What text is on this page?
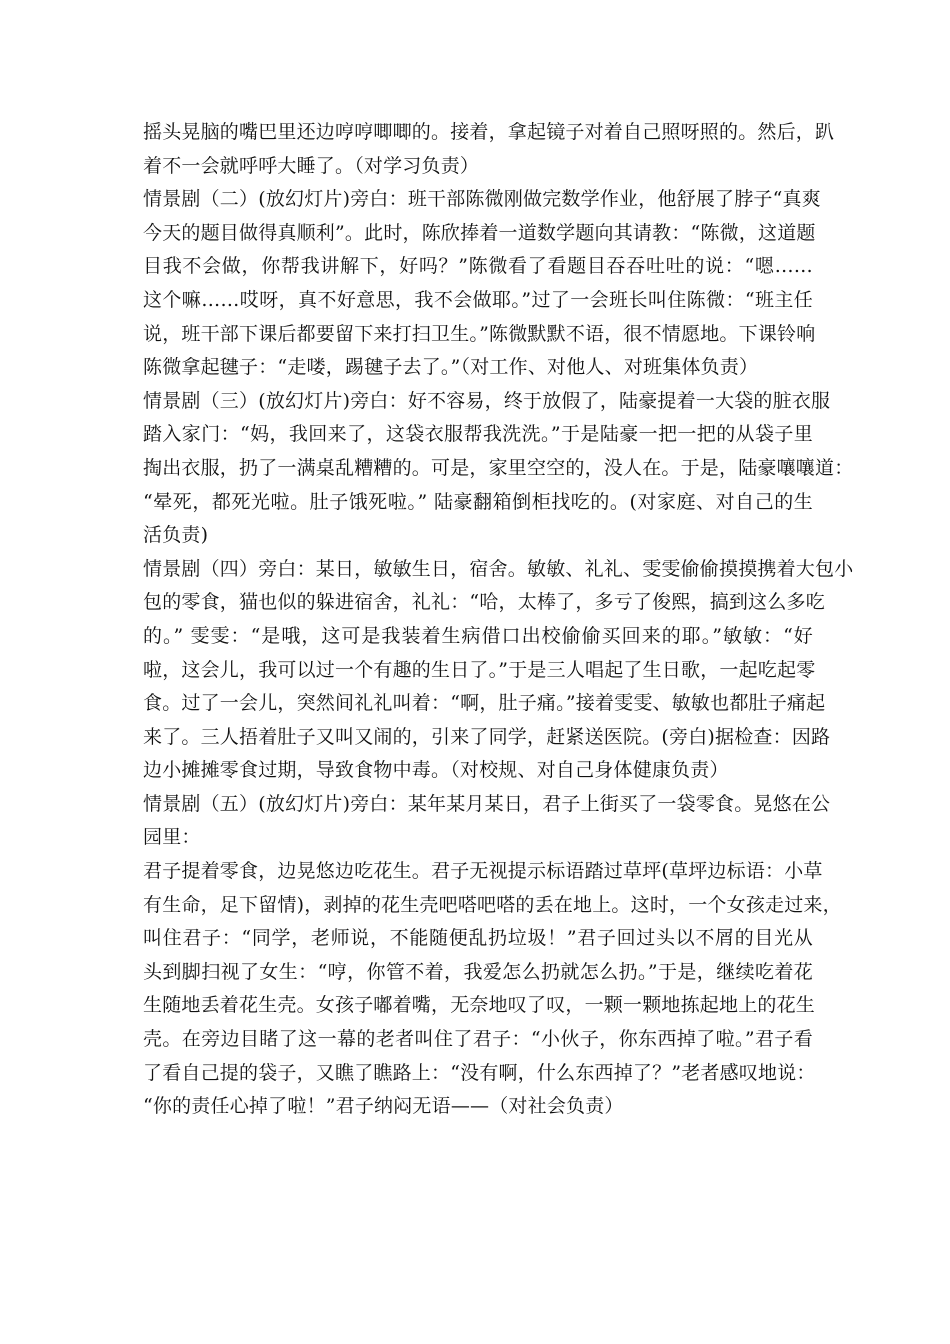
摇头晃脑的嘴巴里还边哼哼唧唧的。接着，拿起镜子对着自己照呀照的。然后，趴
着不一会就呼呼大睡了。（对学习负责）
情景剧（二）(放幻灯片)旁白：班干部陈微刚做完数学作业，他舒展了脖子“真爽
今天的题目做得真顺利”。此时，陈欣捧着一道数学题向其请教：“陈微，这道题
目我不会做，你帮我讲解下，好吗？”陈微看了看题目吞吞吐吐的说：“嗯……
这个嘛……哎呀，真不好意思，我不会做耶。”过了一会班长叫住陈微：“班主任
说，班干部下课后都要留下来打扫卫生。”陈微默默不语，很不情愿地。下课铃响
陈微拿起毽子：“走喽，踢毽子去了。”（对工作、对他人、对班集体负责）
情景剧（三）(放幻灯片)旁白：好不容易，终于放假了，陆豪提着一大袋的脏衣服
踏入家门：“妈，我回来了，这袋衣服帮我洗洗。”于是陆豪一把一把的从袋子里
掏出衣服，扔了一满桌乱糟糟的。可是，家里空空的，没人在。于是，陆豪嚷嚷道：
“晕死，都死光啦。肚子饿死啦。” 陆豪翻箱倒柜找吃的。(对家庭、对自己的生
活负责)
情景剧（四）旁白：某日，敏敏生日，宿舍。敏敏、礼礼、雯雯偷偷摸摸携着大包小
包的零食，猫也似的躲进宿舍，礼礼：“哈，太棒了，多亏了俊熙，搞到这么多吃
的。” 雯雯：“是哦，这可是我装着生病借口出校偷偷买回来的耶。”敏敏：“好
啦，这会儿，我可以过一个有趣的生日了。”于是三人唱起了生日歌，一起吃起零
食。过了一会儿，突然间礼礼叫着：“啊，肚子痛。”接着雯雯、敏敏也都肚子痛起
来了。三人捂着肚子又叫又闹的，引来了同学，赶紧送医院。(旁白)据检查：因路
边小摊摊零食过期，导致食物中毒。（对校规、对自己身体健康负责）
情景剧（五）(放幻灯片)旁白：某年某月某日，君子上街买了一袋零食。晃悠在公
园里：
君子提着零食，边晃悠边吃花生。君子无视提示标语踏过草坪(草坪边标语：小草
有生命，足下留情)，剥掉的花生壳吧嗒吧嗒的丢在地上。这时，一个女孩走过来，
叫住君子：“同学，老师说，不能随便乱扔垃圾！”君子回过头以不屑的目光从
头到脚扫视了女生：“哼，你管不着，我爱怎么扔就怎么扔。”于是，继续吃着花
生随地丢着花生壳。女孩子嘟着嘴，无奈地叹了叹，一颗一颗地拣起地上的花生
壳。在旁边目睹了这一幕的老者叫住了君子：“小伙子，你东西掉了啦。”君子看
了看自己提的袋子，又瞧了瞧路上：“没有啊，什么东西掉了？”老者感叹地说：
“你的责任心掉了啦！”君子纳闷无语——（对社会负责）
